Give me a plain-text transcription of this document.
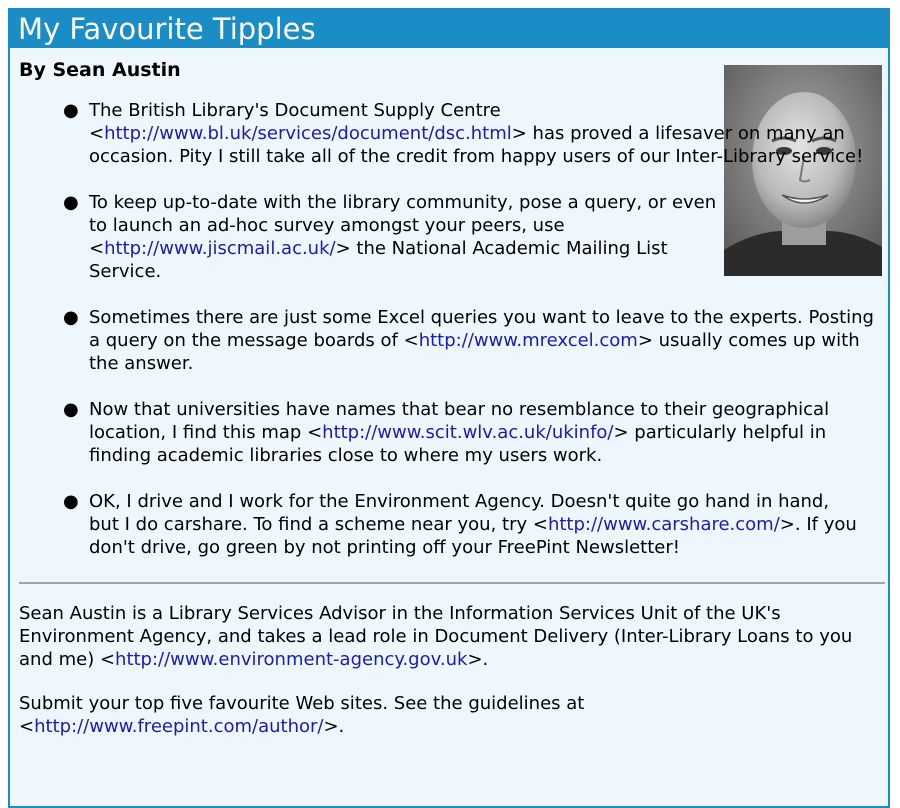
My Favourite Tipples
By Sean Austin
● The British Library's Document Supply Centre <http://www.bl.uk/services/document/dsc.html> has proved a lifesaver on many an occasion. Pity I still take all of the credit from happy users of our Inter-Library service!
● To keep up-to-date with the library community, pose a query, or even to launch an ad-hoc survey amongst your peers, use <http://www.jiscmail.ac.uk/> the National Academic Mailing List Service.
● Sometimes there are just some Excel queries you want to leave to the experts. Posting a query on the message boards of <http://www.mrexcel.com> usually comes up with the answer.
● Now that universities have names that bear no resemblance to their geographical location, I find this map <http://www.scit.wlv.ac.uk/ukinfo/> particularly helpful in finding academic libraries close to where my users work.
● OK, I drive and I work for the Environment Agency. Doesn't quite go hand in hand, but I do carshare. To find a scheme near you, try <http://www.carshare.com/>. If you don't drive, go green by not printing off your FreePint Newsletter!

Sean Austin is a Library Services Advisor in the Information Services Unit of the UK's Environment Agency, and takes a lead role in Document Delivery (Inter-Library Loans to you and me) <http://www.environment-agency.gov.uk>.

Submit your top five favourite Web sites. See the guidelines at <http://www.freepint.com/author/>.
